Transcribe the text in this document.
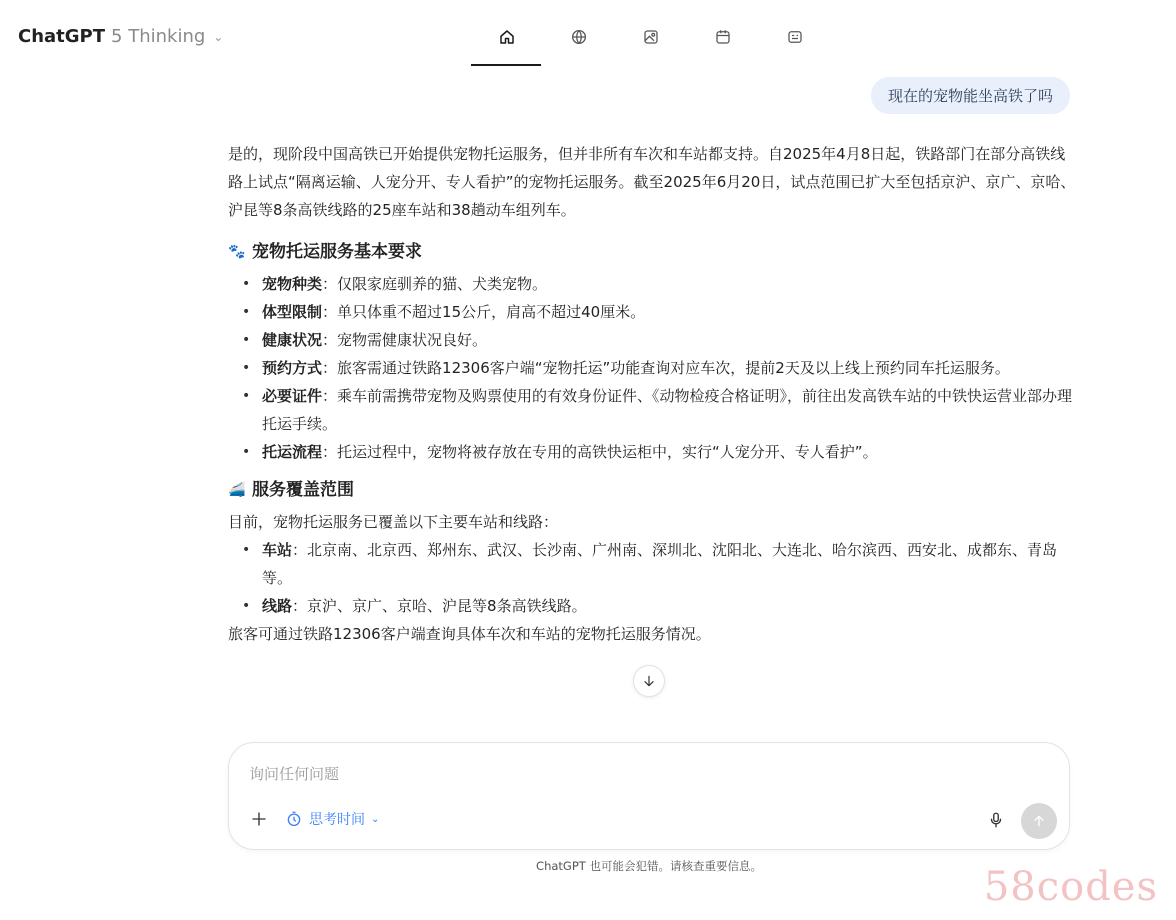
ChatGPT 5 Thinking ⌄
现在的宠物能坐高铁了吗

是的，现阶段中国高铁已开始提供宠物托运服务，但并非所有车次和车站都支持。自2025年4月8日起，铁路部门在部分高铁线路上试点“隔离运输、人宠分开、专人看护”的宠物托运服务。截至2025年6月20日，试点范围已扩大至包括京沪、京广、京哈、沪昆等8条高铁线路的25座车站和38趟动车组列车。

🐾 宠物托运服务基本要求
• 宠物种类：仅限家庭驯养的猫、犬类宠物。
• 体型限制：单只体重不超过15公斤，肩高不超过40厘米。
• 健康状况：宠物需健康状况良好。
• 预约方式：旅客需通过铁路12306客户端“宠物托运”功能查询对应车次，提前2天及以上线上预约同车托运服务。
• 必要证件：乘车前需携带宠物及购票使用的有效身份证件、《动物检疫合格证明》，前往出发高铁车站的中铁快运营业部办理托运手续。
• 托运流程：托运过程中，宠物将被存放在专用的高铁快运柜中，实行“人宠分开、专人看护”。
🚄 服务覆盖范围

目前，宠物托运服务已覆盖以下主要车站和线路：

• 车站：北京南、北京西、郑州东、武汉、长沙南、广州南、深圳北、沈阳北、大连北、哈尔滨西、西安北、成都东、青岛等。
• 线路：京沪、京广、京哈、沪昆等8条高铁线路。

旅客可通过铁路12306客户端查询具体车次和车站的宠物托运服务情况。

询问任何问题
思考时间 ⌄
ChatGPT 也可能会犯错。请核查重要信息。	58codes
